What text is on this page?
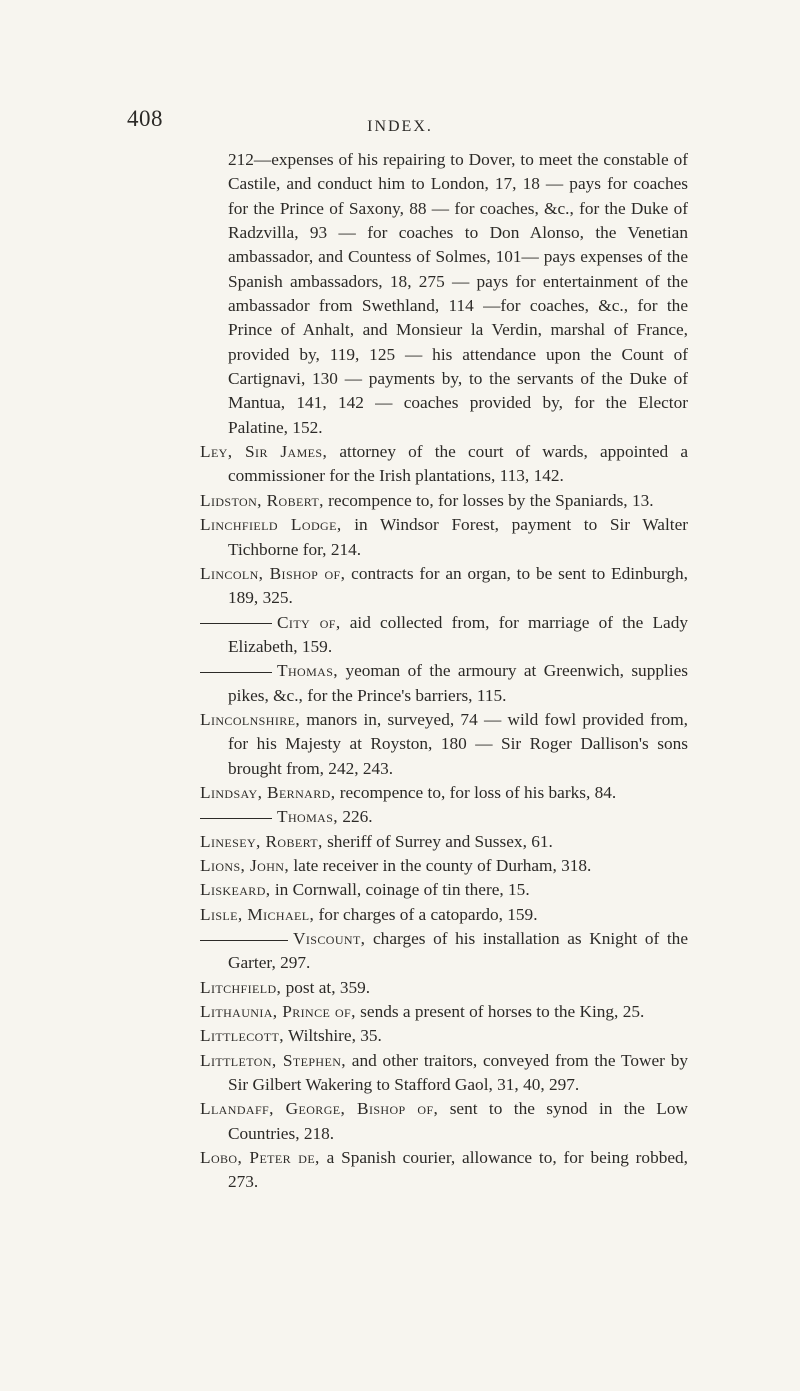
408	INDEX.

212—expenses of his repairing to Dover, to meet the constable of Castile, and conduct him to London, 17, 18 — pays for coaches for the Prince of Saxony, 88 — for coaches, &c., for the Duke of Radzvilla, 93 — for coaches to Don Alonso, the Venetian ambassador, and Countess of Solmes, 101— pays expenses of the Spanish ambassadors, 18, 275 — pays for entertainment of the ambassador from Swethland, 114 —for coaches, &c., for the Prince of Anhalt, and Monsieur la Verdin, marshal of France, provided by, 119, 125 — his attendance upon the Count of Cartignavi, 130 — payments by, to the servants of the Duke of Mantua, 141, 142 — coaches provided by, for the Elector Palatine, 152.

Ley, Sir James, attorney of the court of wards, appointed a commissioner for the Irish plantations, 113, 142.

Lidston, Robert, recompence to, for losses by the Spaniards, 13.

Linchfield Lodge, in Windsor Forest, payment to Sir Walter Tichborne for, 214.

Lincoln, Bishop of, contracts for an organ, to be sent to Edinburgh, 189, 325.

City of, aid collected from, for marriage of the Lady Elizabeth, 159.

Thomas, yeoman of the armoury at Greenwich, supplies pikes, &c., for the Prince's barriers, 115.

Lincolnshire, manors in, surveyed, 74 — wild fowl provided from, for his Majesty at Royston, 180 — Sir Roger Dallison's sons brought from, 242, 243.

Lindsay, Bernard, recompence to, for loss of his barks, 84.

Thomas, 226.

Linesey, Robert, sheriff of Surrey and Sussex, 61.

Lions, John, late receiver in the county of Durham, 318.

Liskeard, in Cornwall, coinage of tin there, 15.

Lisle, Michael, for charges of a catopardo, 159.

Viscount, charges of his installation as Knight of the Garter, 297.

Litchfield, post at, 359.

Lithaunia, Prince of, sends a present of horses to the King, 25.

Littlecott, Wiltshire, 35.

Littleton, Stephen, and other traitors, conveyed from the Tower by Sir Gilbert Wakering to Stafford Gaol, 31, 40, 297.

Llandaff, George, Bishop of, sent to the synod in the Low Countries, 218.

Lobo, Peter de, a Spanish courier, allowance to, for being robbed, 273.
